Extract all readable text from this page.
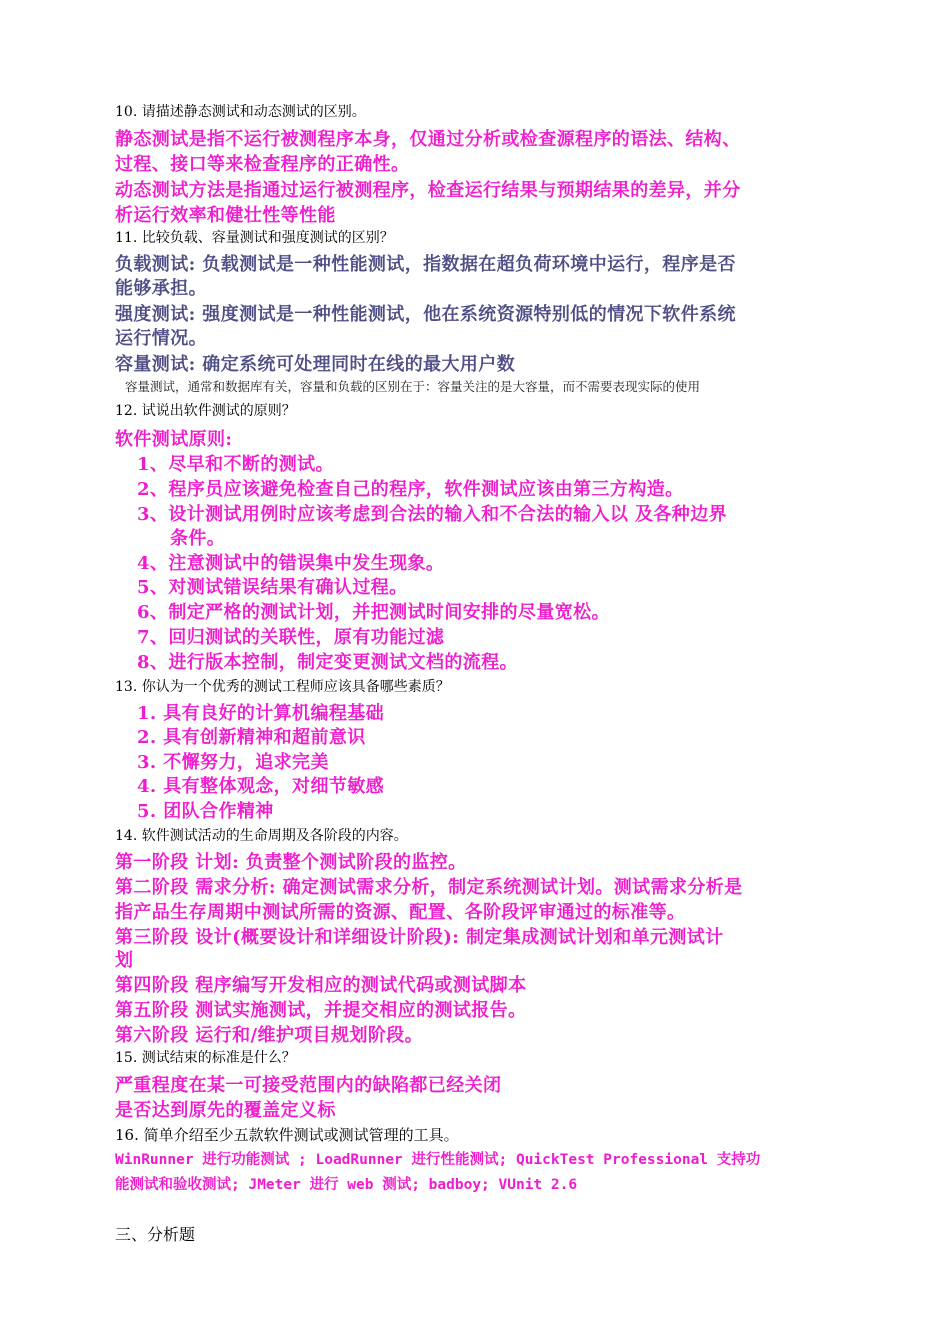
10. 请描述静态测试和动态测试的区别。
静态测试是指不运行被测程序本身，仅通过分析或检查源程序的语法、结构、
过程、接口等来检查程序的正确性。
动态测试方法是指通过运行被测程序，检查运行结果与预期结果的差异，并分
析运行效率和健壮性等性能
11. 比较负载、容量测试和强度测试的区别？
负载测试: 负载测试是一种性能测试，指数据在超负荷环境中运行，程序是否
能够承担。
强度测试: 强度测试是一种性能测试，他在系统资源特别低的情况下软件系统
运行情况。
容量测试: 确定系统可处理同时在线的最大用户数
容量测试，通常和数据库有关，容量和负载的区别在于：容量关注的是大容量，而不需要表现实际的使用
12. 试说出软件测试的原则？
软件测试原则:
1、尽早和不断的测试。
2、程序员应该避免检查自己的程序，软件测试应该由第三方构造。
3、设计测试用例时应该考虑到合法的输入和不合法的输入以 及各种边界
条件。
4、注意测试中的错误集中发生现象。
5、对测试错误结果有确认过程。
6、制定严格的测试计划，并把测试时间安排的尽量宽松。
7、回归测试的关联性，原有功能过滤
8、进行版本控制，制定变更测试文档的流程。
13. 你认为一个优秀的测试工程师应该具备哪些素质？
1. 具有良好的计算机编程基础
2. 具有创新精神和超前意识
3. 不懈努力，追求完美
4. 具有整体观念，对细节敏感
5. 团队合作精神
14. 软件测试活动的生命周期及各阶段的内容。
第一阶段 计划: 负责整个测试阶段的监控。
第二阶段 需求分析: 确定测试需求分析，制定系统测试计划。测试需求分析是
指产品生存周期中测试所需的资源、配置、各阶段评审通过的标准等。
第三阶段 设计(概要设计和详细设计阶段): 制定集成测试计划和单元测试计
划
第四阶段 程序编写开发相应的测试代码或测试脚本
第五阶段 测试实施测试，并提交相应的测试报告。
第六阶段 运行和/维护项目规划阶段。
15. 测试结束的标准是什么？
严重程度在某一可接受范围内的缺陷都已经关闭
是否达到原先的覆盖定义标
16. 简单介绍至少五款软件测试或测试管理的工具。
WinRunner 进行功能测试 ; LoadRunner 进行性能测试; QuickTest Professional 支持功
能测试和验收测试; JMeter 进行 web 测试; badboy; VUnit 2.6
三、分析题
